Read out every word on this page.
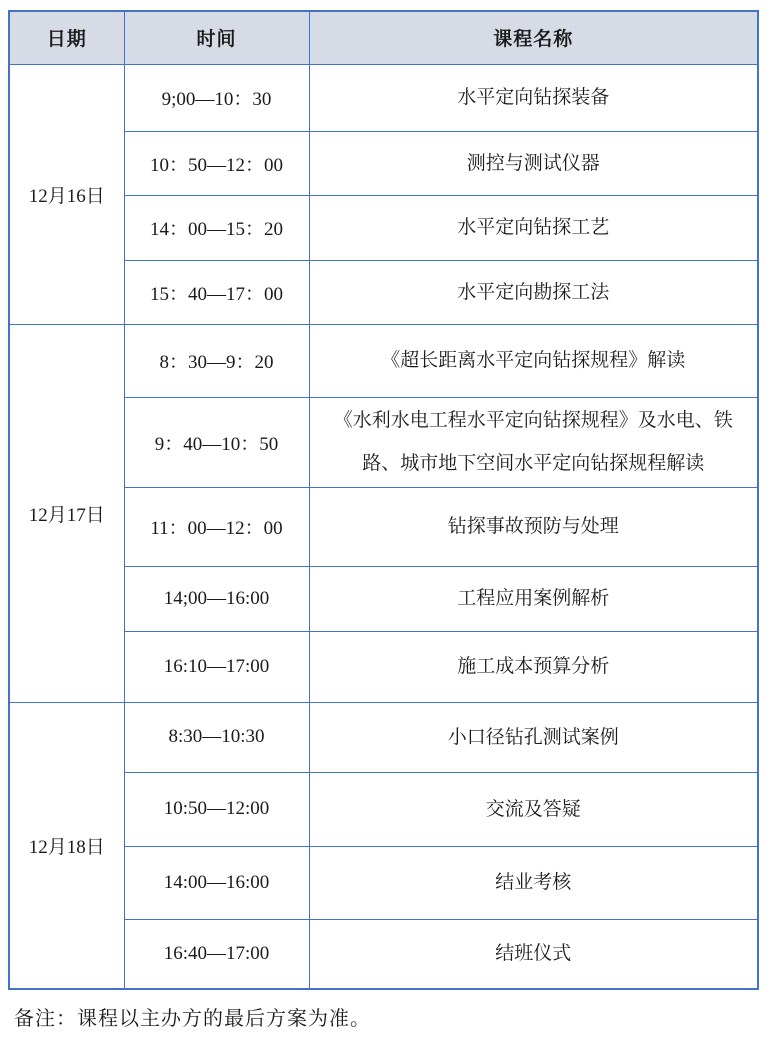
日期	时间	课程名称
12月16日	9;00—10：30	水平定向钻探装备
	10：50—12：00	测控与测试仪器
	14：00—15：20	水平定向钻探工艺
	15：40—17：00	水平定向勘探工法
12月17日	8：30—9：20	《超长距离水平定向钻探规程》解读
	9：40—10：50	《水利水电工程水平定向钻探规程》及水电、铁路、城市地下空间水平定向钻探规程解读
	11：00—12：00	钻探事故预防与处理
	14;00—16:00	工程应用案例解析
	16:10—17:00	施工成本预算分析
12月18日	8:30—10:30	小口径钻孔测试案例
	10:50—12:00	交流及答疑
	14:00—16:00	结业考核
	16:40—17:00	结班仪式

备注：课程以主办方的最后方案为准。
